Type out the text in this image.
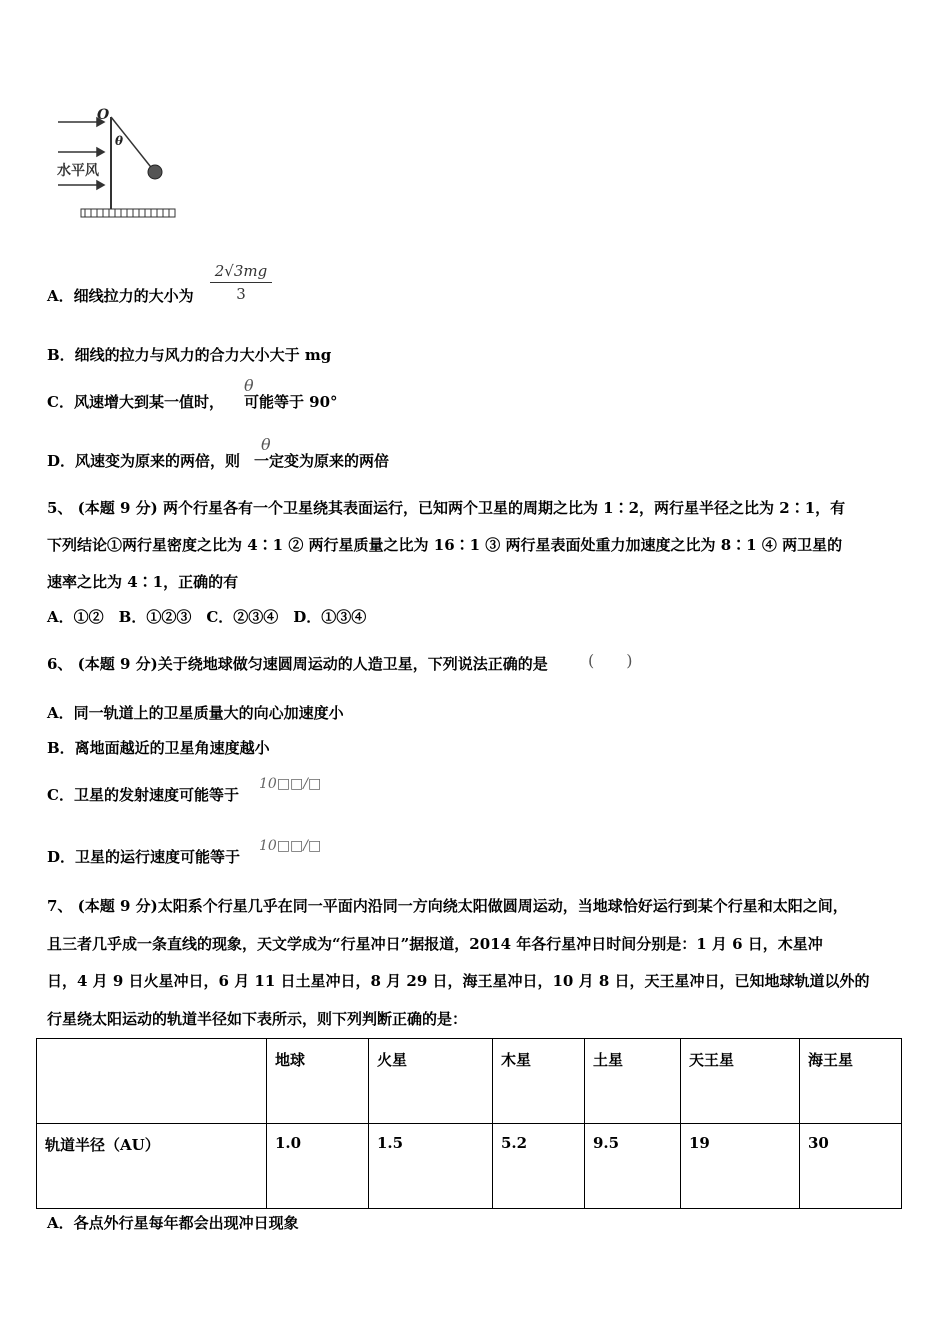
O
θ
水平风
A．细线拉力的大小为 $\frac{2√3mg}{3}$
B．细线的拉力与风力的合力大小大于 mg
C．风速增大到某一值时， 可能等于 90°
θ
D．风速变为原来的两倍，则 一定变为原来的两倍
θ
5、 (本题 9 分) 两个行星各有一个卫星绕其表面运行，已知两个卫星的周期之比为 1∶2，两行星半径之比为 2∶1，有
下列结论①两行星密度之比为 4∶1 ② 两行星质量之比为 16∶1 ③ 两行星表面处重力加速度之比为 8∶1 ④ 两卫星的
速率之比为 4∶1，正确的有
A．①②　B．①②③　C．②③④　D．①③④
6、 (本题 9 分)关于绕地球做匀速圆周运动的人造卫星，下列说法正确的是	(　　)
A．同一轨道上的卫星质量大的向心加速度小
B．离地面越近的卫星角速度越小
C．卫星的发射速度可能等于
10□□/□
D．卫星的运行速度可能等于
10□□/□
7、 (本题 9 分)太阳系个行星几乎在同一平面内沿同一方向绕太阳做圆周运动，当地球恰好运行到某个行星和太阳之间，
且三者几乎成一条直线的现象，天文学成为“行星冲日”据报道，2014 年各行星冲日时间分别是：1 月 6 日，木星冲
日，4 月 9 日火星冲日，6 月 11 日土星冲日，8 月 29 日，海王星冲日，10 月 8 日，天王星冲日，已知地球轨道以外的
行星绕太阳运动的轨道半径如下表所示，则下列判断正确的是：
	地球	火星	木星	土星	天王星	海王星
轨道半径（AU）	1.0	1.5	5.2	9.5	19	30
A．各点外行星每年都会出现冲日现象
